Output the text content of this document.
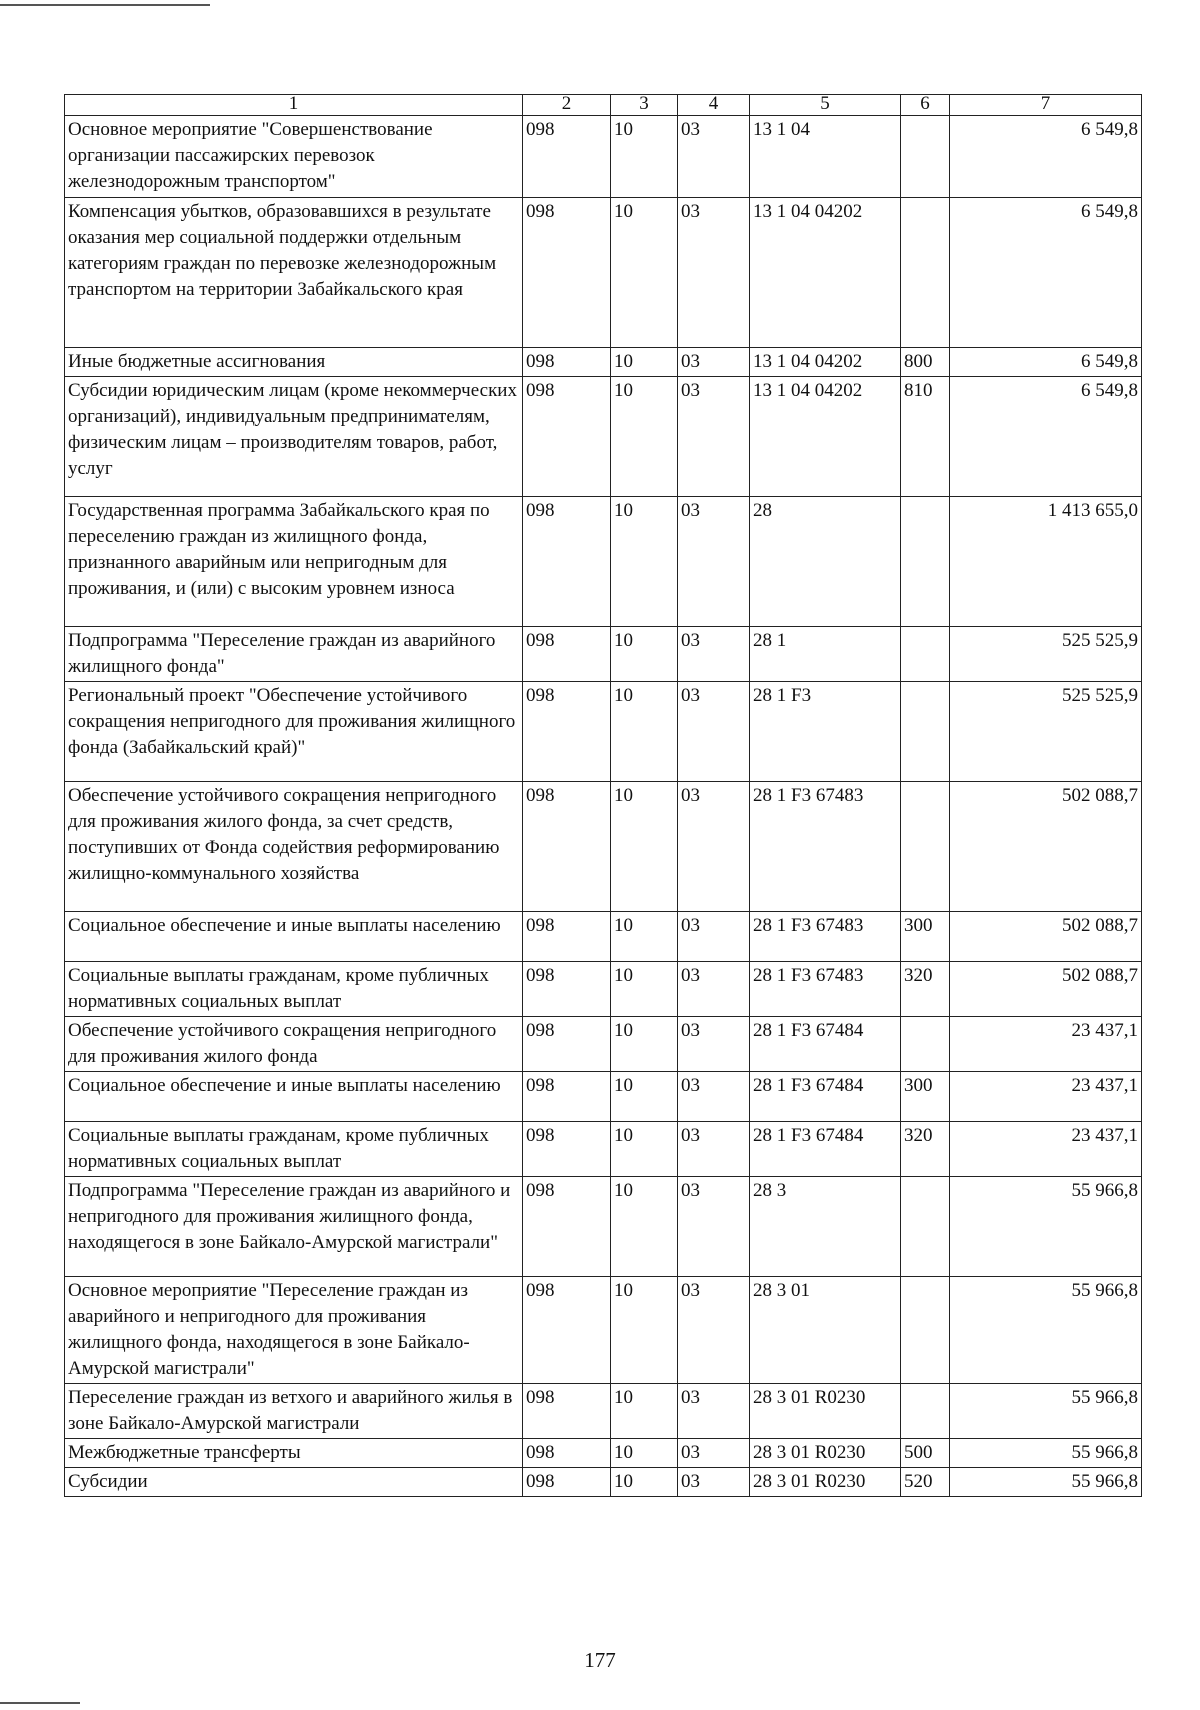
1	2	3	4	5	6	7
Основное мероприятие "Совершенствование организации пассажирских перевозок железнодорожным транспортом"	098	10	03	13 1 04		6 549,8
Компенсация убытков, образовавшихся в результате оказания мер социальной поддержки отдельным категориям граждан по перевозке железнодорожным транспортом на территории Забайкальского края	098	10	03	13 1 04 04202		6 549,8
Иные бюджетные ассигнования	098	10	03	13 1 04 04202	800	6 549,8
Субсидии юридическим лицам (кроме некоммерческих организаций), индивидуальным предпринимателям, физическим лицам – производителям товаров, работ, услуг	098	10	03	13 1 04 04202	810	6 549,8
Государственная программа Забайкальского края по переселению граждан из жилищного фонда, признанного аварийным или непригодным для проживания, и (или) с высоким уровнем износа	098	10	03	28		1 413 655,0
Подпрограмма "Переселение граждан из аварийного жилищного фонда"	098	10	03	28 1		525 525,9
Региональный проект "Обеспечение устойчивого сокращения непригодного для проживания жилищного фонда (Забайкальский край)"	098	10	03	28 1 F3		525 525,9
Обеспечение устойчивого сокращения непригодного для проживания жилого фонда, за счет средств, поступивших от Фонда содействия реформированию жилищно-коммунального хозяйства	098	10	03	28 1 F3 67483		502 088,7
Социальное обеспечение и иные выплаты населению	098	10	03	28 1 F3 67483	300	502 088,7
Социальные выплаты гражданам, кроме публичных нормативных социальных выплат	098	10	03	28 1 F3 67483	320	502 088,7
Обеспечение устойчивого сокращения непригодного для проживания жилого фонда	098	10	03	28 1 F3 67484		23 437,1
Социальное обеспечение и иные выплаты населению	098	10	03	28 1 F3 67484	300	23 437,1
Социальные выплаты гражданам, кроме публичных нормативных социальных выплат	098	10	03	28 1 F3 67484	320	23 437,1
Подпрограмма "Переселение граждан из аварийного и непригодного для проживания жилищного фонда, находящегося в зоне Байкало-Амурской магистрали"	098	10	03	28 3		55 966,8
Основное мероприятие "Переселение граждан из аварийного и непригодного для проживания жилищного фонда, находящегося в зоне Байкало-Амурской магистрали"	098	10	03	28 3 01		55 966,8
Переселение граждан из ветхого и аварийного жилья в зоне Байкало-Амурской магистрали	098	10	03	28 3 01 R0230		55 966,8
Межбюджетные трансферты	098	10	03	28 3 01 R0230	500	55 966,8
Субсидии	098	10	03	28 3 01 R0230	520	55 966,8
177
